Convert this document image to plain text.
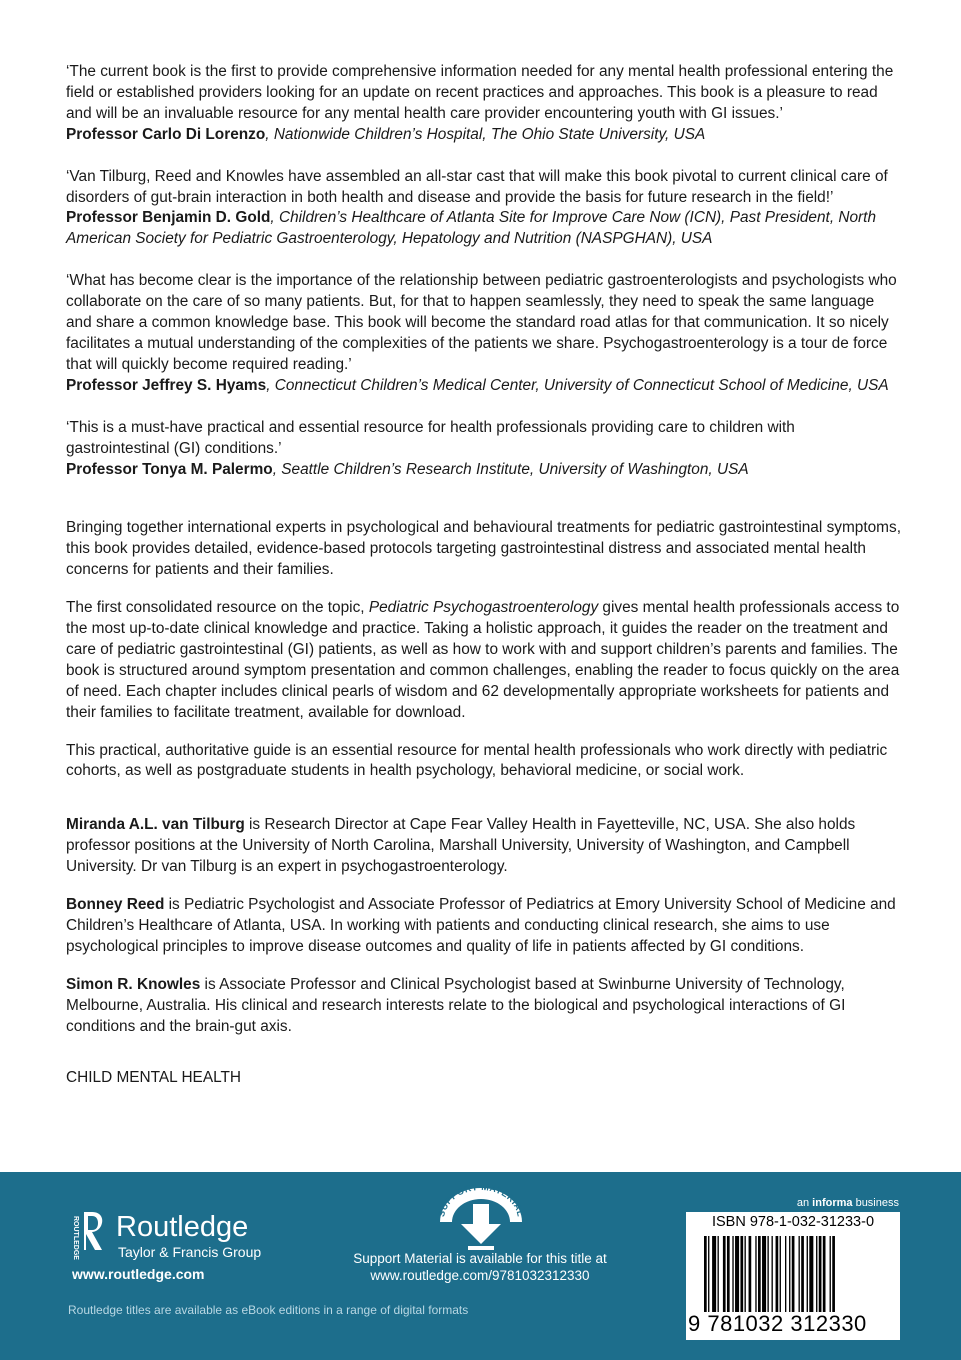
‘The current book is the first to provide comprehensive information needed for any mental health professional entering the field or established providers looking for an update on recent practices and approaches. This book is a pleasure to read and will be an invaluable resource for any mental health care provider encountering youth with GI issues.’

Professor Carlo Di Lorenzo, Nationwide Children’s Hospital, The Ohio State University, USA

‘Van Tilburg, Reed and Knowles have assembled an all-star cast that will make this book pivotal to current clinical care of disorders of gut-brain interaction in both health and disease and provide the basis for future research in the field!’

Professor Benjamin D. Gold, Children’s Healthcare of Atlanta Site for Improve Care Now (ICN), Past President, North American Society for Pediatric Gastroenterology, Hepatology and Nutrition (NASPGHAN), USA

‘What has become clear is the importance of the relationship between pediatric gastroenterologists and psychologists who collaborate on the care of so many patients. But, for that to happen seamlessly, they need to speak the same language and share a common knowledge base. This book will become the standard road atlas for that communication. It so nicely facilitates a mutual understanding of the complexities of the patients we share. Psychogastroenterology is a tour de force that will quickly become required reading.’

Professor Jeffrey S. Hyams, Connecticut Children’s Medical Center, University of Connecticut School of Medicine, USA

‘This is a must-have practical and essential resource for health professionals providing care to children with gastrointestinal (GI) conditions.’

Professor Tonya M. Palermo, Seattle Children’s Research Institute, University of Washington, USA

Bringing together international experts in psychological and behavioural treatments for pediatric gastrointestinal symptoms, this book provides detailed, evidence-based protocols targeting gastrointestinal distress and associated mental health concerns for patients and their families.

The first consolidated resource on the topic, Pediatric Psychogastroenterology gives mental health professionals access to the most up-to-date clinical knowledge and practice. Taking a holistic approach, it guides the reader on the treatment and care of pediatric gastrointestinal (GI) patients, as well as how to work with and support children’s parents and families. The book is structured around symptom presentation and common challenges, enabling the reader to focus quickly on the area of need. Each chapter includes clinical pearls of wisdom and 62 developmentally appropriate worksheets for patients and their families to facilitate treatment, available for download.

This practical, authoritative guide is an essential resource for mental health professionals who work directly with pediatric cohorts, as well as postgraduate students in health psychology, behavioral medicine, or social work.

Miranda A.L. van Tilburg is Research Director at Cape Fear Valley Health in Fayetteville, NC, USA. She also holds professor positions at the University of North Carolina, Marshall University, University of Washington, and Campbell University. Dr van Tilburg is an expert in psychogastroenterology.

Bonney Reed is Pediatric Psychologist and Associate Professor of Pediatrics at Emory University School of Medicine and Children’s Healthcare of Atlanta, USA. In working with patients and conducting clinical research, she aims to use psychological principles to improve disease outcomes and quality of life in patients affected by GI conditions.

Simon R. Knowles is Associate Professor and Clinical Psychologist based at Swinburne University of Technology, Melbourne, Australia. His clinical and research interests relate to the biological and psychological interactions of GI conditions and the brain-gut axis.

CHILD MENTAL HEALTH

ROUTLEDGE Routledge
Taylor & Francis Group
www.routledge.com
SUPPORT MATERIAL
Support Material is available for this title at
www.routledge.com/9781032312330
Routledge titles are available as eBook editions in a range of digital formats
an informa business
ISBN 978-1-032-31233-0
9 781032 312330
